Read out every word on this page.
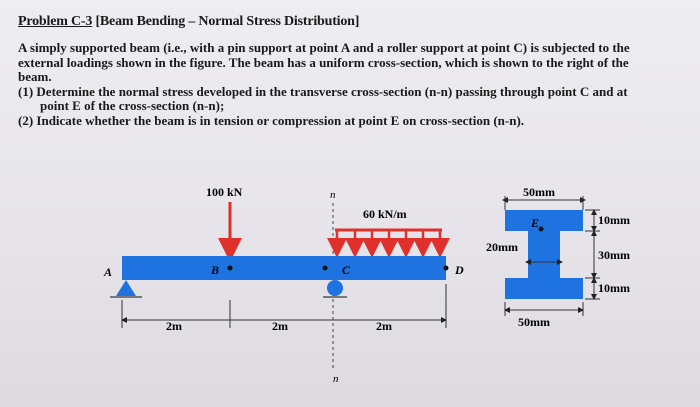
Problem C-3 [Beam Bending – Normal Stress Distribution]

A simply supported beam (i.e., with a pin support at point A and a roller support at point C) is subjected to the

external loadings shown in the figure. The beam has a uniform cross-section, which is shown to the right of the

beam.

(1) Determine the normal stress developed in the transverse cross-section (n-n) passing through point C and at

point E of the cross-section (n-n);

(2) Indicate whether the beam is in tension or compression at point E on cross-section (n-n).

100 kN	n
n
60 kN/m
A	B	C	D
2m	2m	2m
50mm
E	10mm
20mm
30mm
10mm
50mm
